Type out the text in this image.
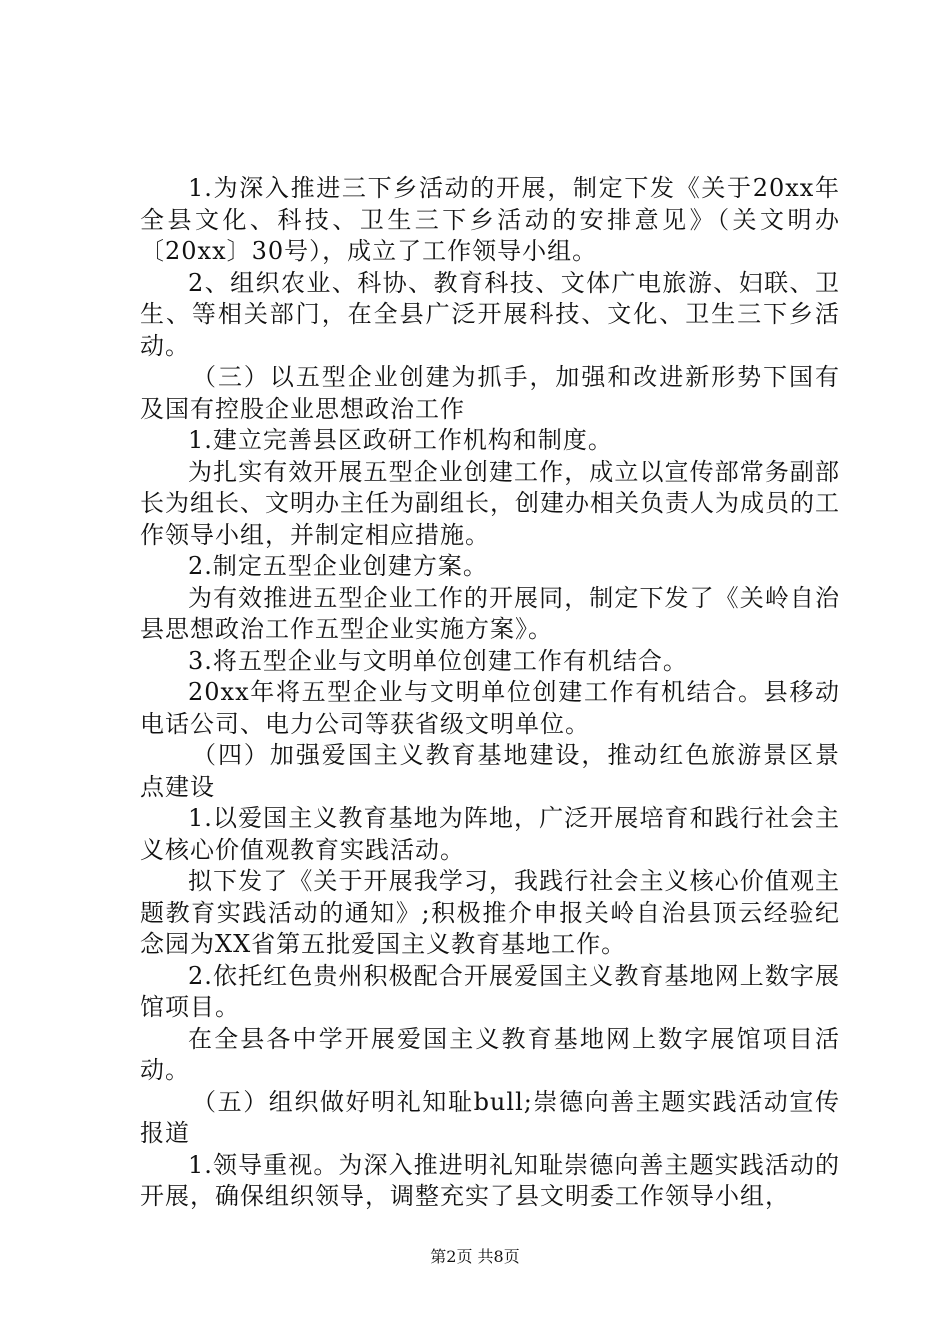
1.为深入推进三下乡活动的开展，制定下发《关于20xx年全县文化、科技、卫生三下乡活动的安排意见》（关文明办〔20xx〕30号），成立了工作领导小组。

2、组织农业、科协、教育科技、文体广电旅游、妇联、卫生、等相关部门，在全县广泛开展科技、文化、卫生三下乡活动。

（三）以五型企业创建为抓手，加强和改进新形势下国有及国有控股企业思想政治工作

1.建立完善县区政研工作机构和制度。

为扎实有效开展五型企业创建工作，成立以宣传部常务副部长为组长、文明办主任为副组长，创建办相关负责人为成员的工作领导小组，并制定相应措施。

2.制定五型企业创建方案。

为有效推进五型企业工作的开展同，制定下发了《关岭自治县思想政治工作五型企业实施方案》。

3.将五型企业与文明单位创建工作有机结合。

20xx年将五型企业与文明单位创建工作有机结合。县移动电话公司、电力公司等获省级文明单位。

（四）加强爱国主义教育基地建设，推动红色旅游景区景点建设

1.以爱国主义教育基地为阵地，广泛开展培育和践行社会主义核心价值观教育实践活动。

拟下发了《关于开展我学习，我践行社会主义核心价值观主题教育实践活动的通知》;积极推介申报关岭自治县顶云经验纪念园为XX省第五批爱国主义教育基地工作。

2.依托红色贵州积极配合开展爱国主义教育基地网上数字展馆项目。

在全县各中学开展爱国主义教育基地网上数字展馆项目活动。

（五）组织做好明礼知耻bull;崇德向善主题实践活动宣传报道

1.领导重视。为深入推进明礼知耻崇德向善主题实践活动的开展，确保组织领导，调整充实了县文明委工作领导小组，

第2页 共8页
